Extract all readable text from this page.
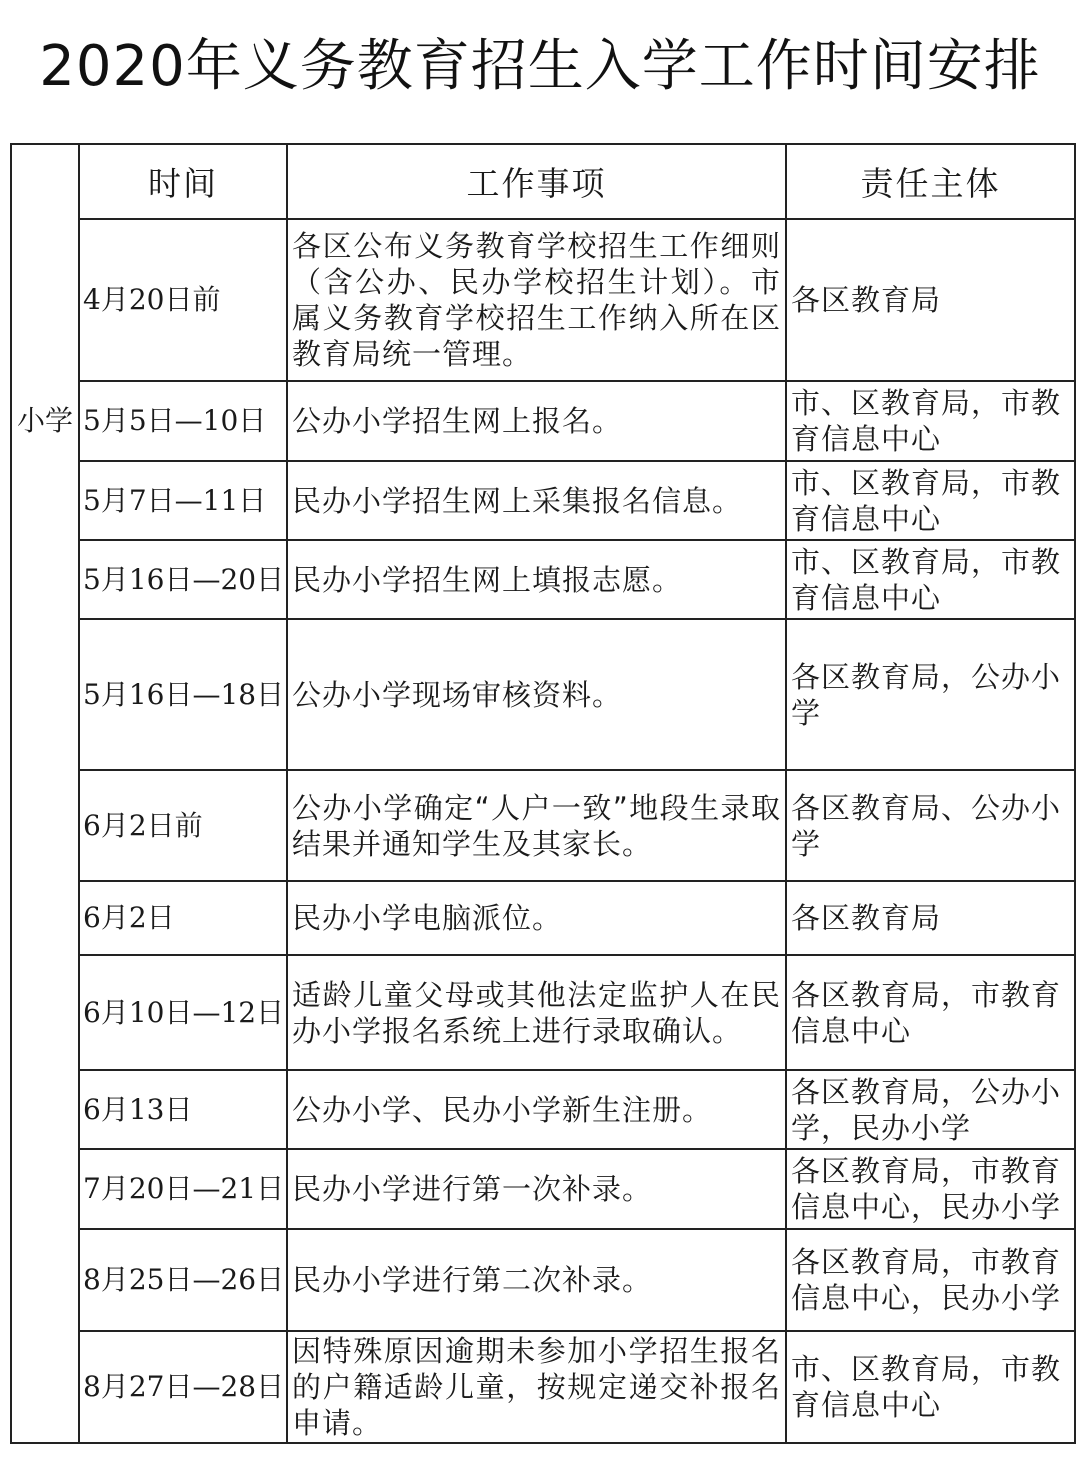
2020年义务教育招生入学工作时间安排
	时间	工作事项	责任主体
	4月20日前	各区公布义务教育学校招生工作细则（含公办、民办学校招生计划）。市属义务教育学校招生工作纳入所在区教育局统一管理。	各区教育局
小学	5月5日—10日	公办小学招生网上报名。	市、区教育局，市教育信息中心
	5月7日—11日	民办小学招生网上采集报名信息。	市、区教育局，市教育信息中心
	5月16日—20日	民办小学招生网上填报志愿。	市、区教育局，市教育信息中心
	5月16日—18日	公办小学现场审核资料。	各区教育局，公办小学
	6月2日前	公办小学确定“人户一致”地段生录取结果并通知学生及其家长。	各区教育局、公办小学
	6月2日	民办小学电脑派位。	各区教育局
	6月10日—12日	适龄儿童父母或其他法定监护人在民办小学报名系统上进行录取确认。	各区教育局，市教育信息中心
	6月13日	公办小学、民办小学新生注册。	各区教育局，公办小学，民办小学
	7月20日—21日	民办小学进行第一次补录。	各区教育局，市教育信息中心，民办小学
	8月25日—26日	民办小学进行第二次补录。	各区教育局，市教育信息中心，民办小学
	8月27日—28日	因特殊原因逾期未参加小学招生报名的户籍适龄儿童，按规定递交补报名申请。	市、区教育局，市教育信息中心
